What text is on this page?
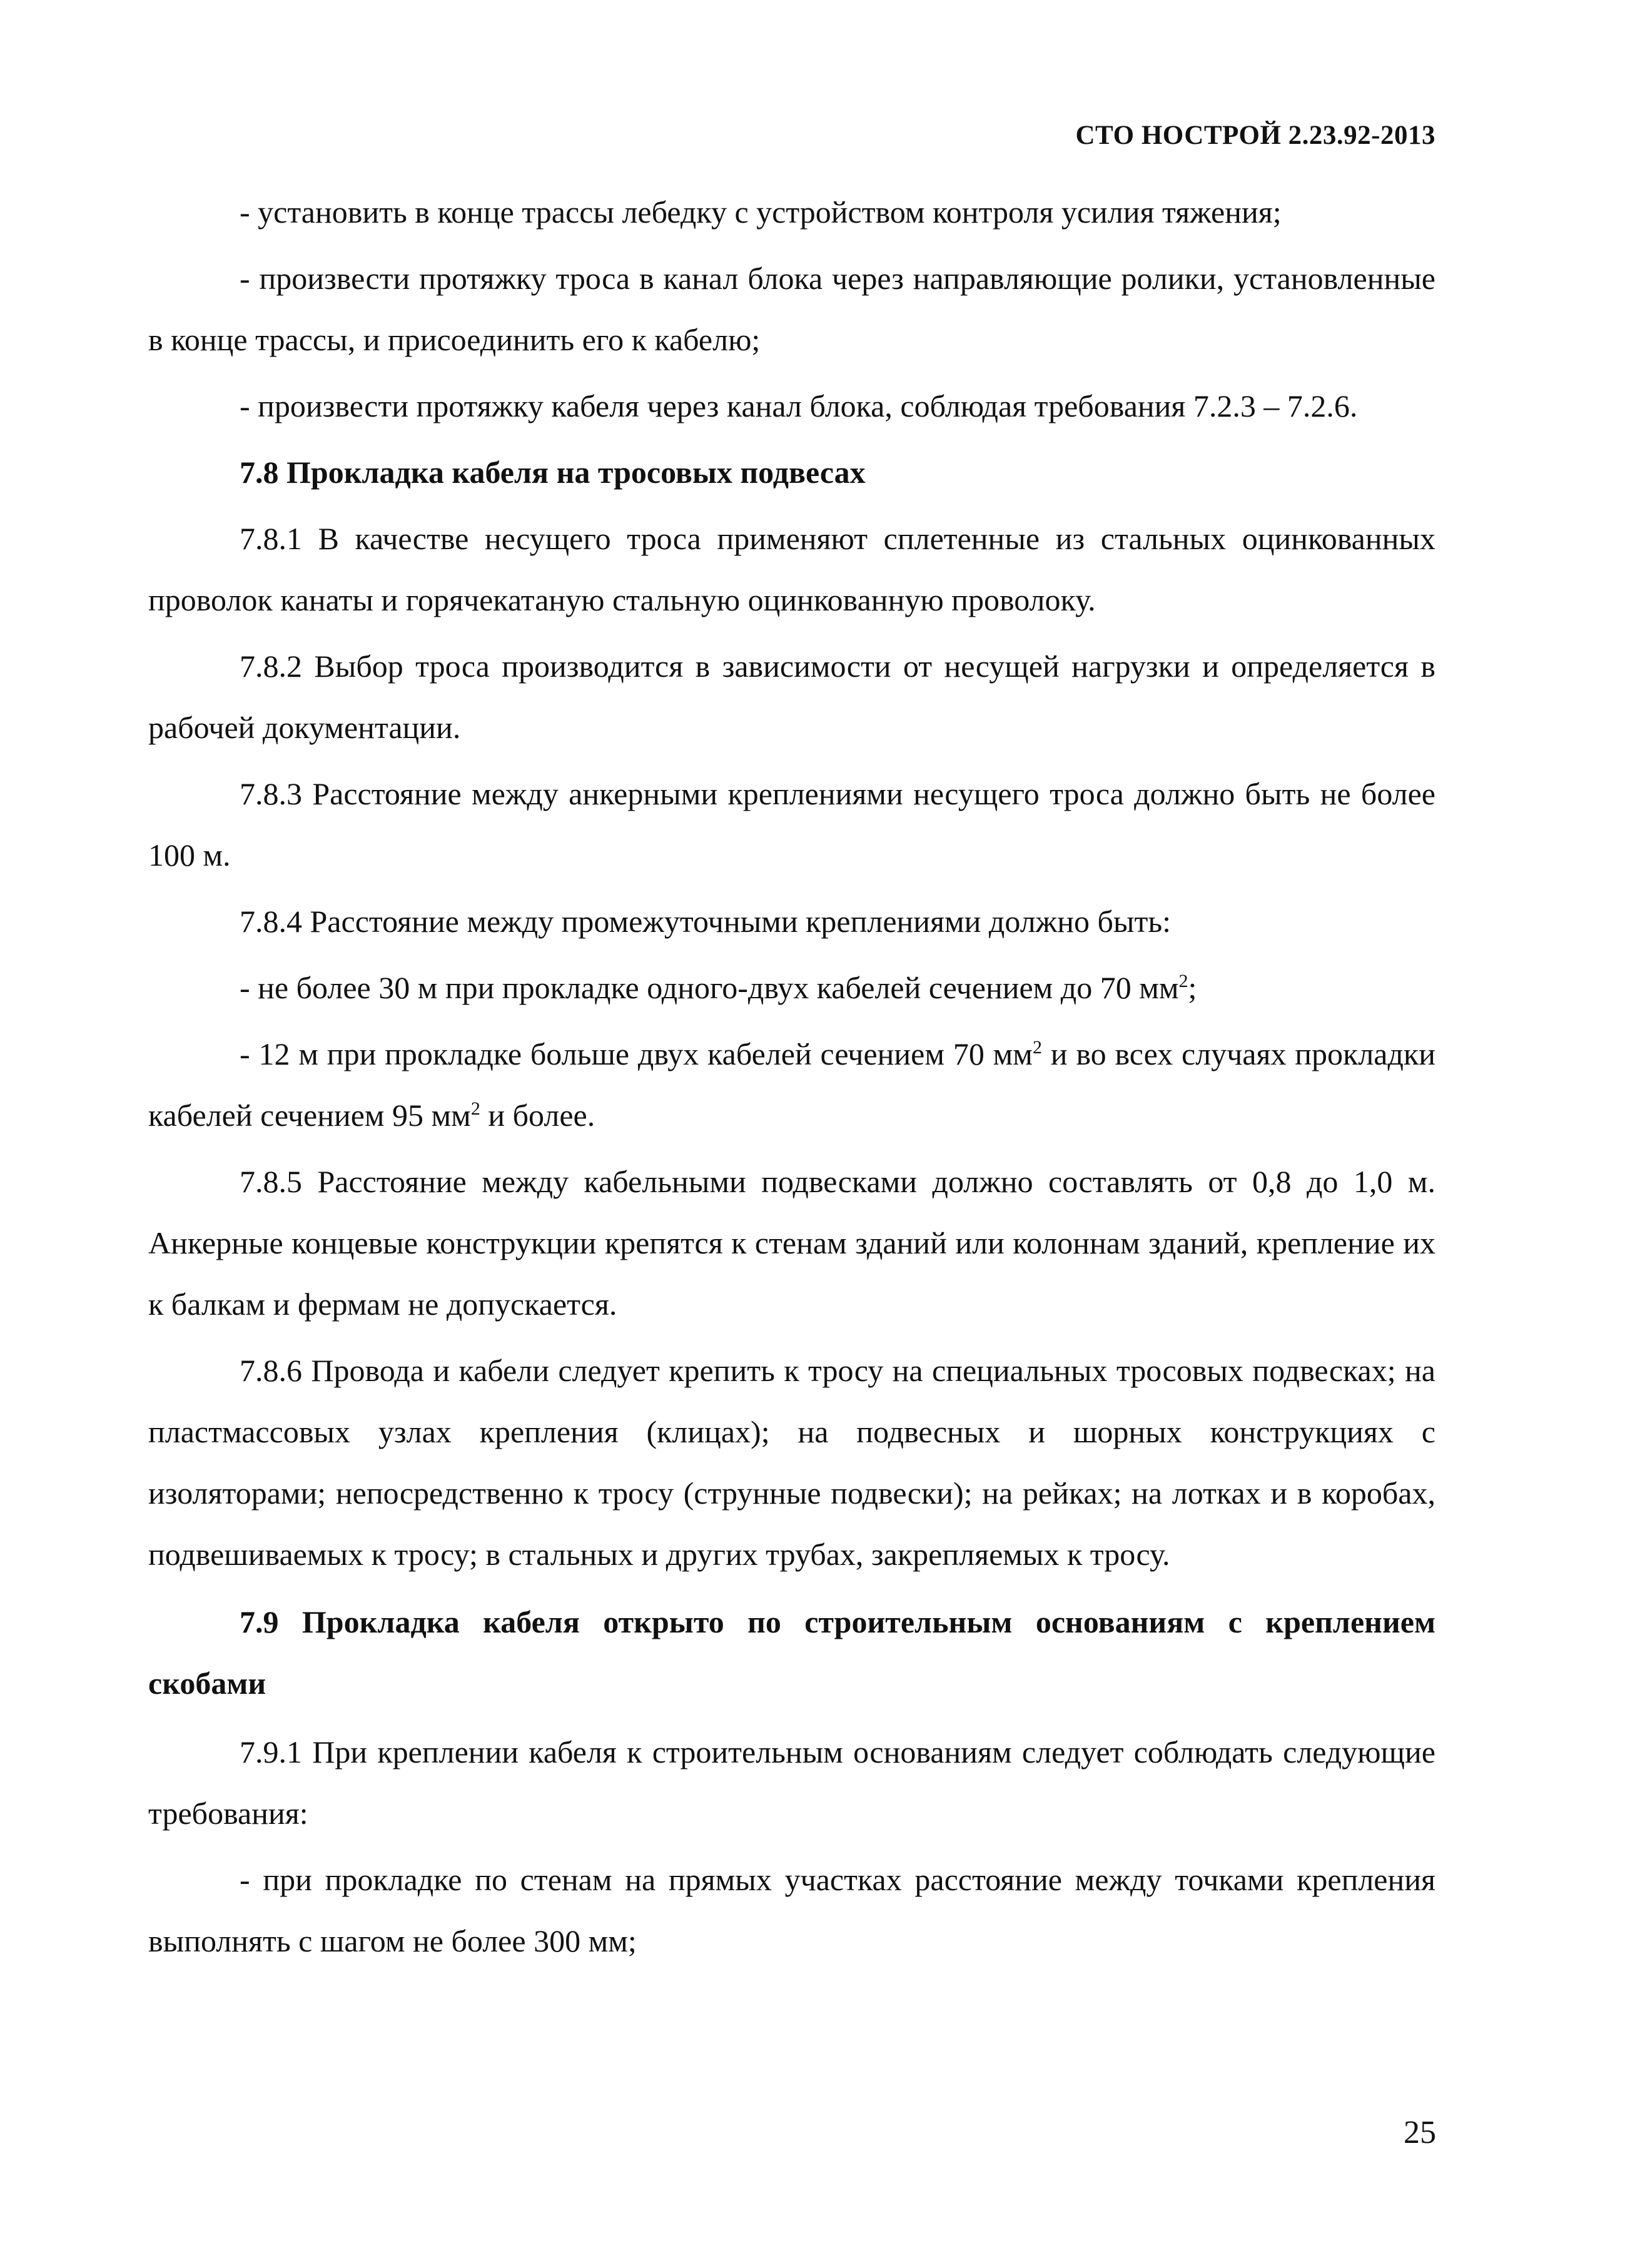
СТО НОСТРОЙ 2.23.92-2013

- установить в конце трассы лебедку с устройством контроля усилия тяжения;

- произвести протяжку троса в канал блока через направляющие ролики, установленные в конце трассы, и присоединить его к кабелю;

- произвести протяжку кабеля через канал блока, соблюдая требования 7.2.3 – 7.2.6.

7.8 Прокладка кабеля на тросовых подвесах

7.8.1 В качестве несущего троса применяют сплетенные из стальных оцинкованных проволок канаты и горячекатаную стальную оцинкованную проволоку.

7.8.2 Выбор троса производится в зависимости от несущей нагрузки и определяется в рабочей документации.

7.8.3 Расстояние между анкерными креплениями несущего троса должно быть не более 100 м.

7.8.4 Расстояние между промежуточными креплениями должно быть:

- не более 30 м при прокладке одного-двух кабелей сечением до 70 $мм^2$;

- 12 м при прокладке больше двух кабелей сечением 70 $мм^2$ и во всех случаях прокладки кабелей сечением 95 $мм^2$ и более.

7.8.5 Расстояние между кабельными подвесками должно составлять от 0,8 до 1,0 м. Анкерные концевые конструкции крепятся к стенам зданий или колоннам зданий, крепление их к балкам и фермам не допускается.

7.8.6 Провода и кабели следует крепить к тросу на специальных тросовых подвесках; на пластмассовых узлах крепления (клицах); на подвесных и шорных конструкциях с изоляторами; непосредственно к тросу (струнные подвески); на рейках; на лотках и в коробах, подвешиваемых к тросу; в стальных и других трубах, закрепляемых к тросу.

7.9 Прокладка кабеля открыто по строительным основаниям с креплением скобами

7.9.1 При креплении кабеля к строительным основаниям следует соблюдать следующие требования:

- при прокладке по стенам на прямых участках расстояние между точками крепления выполнять с шагом не более 300 мм;

25
